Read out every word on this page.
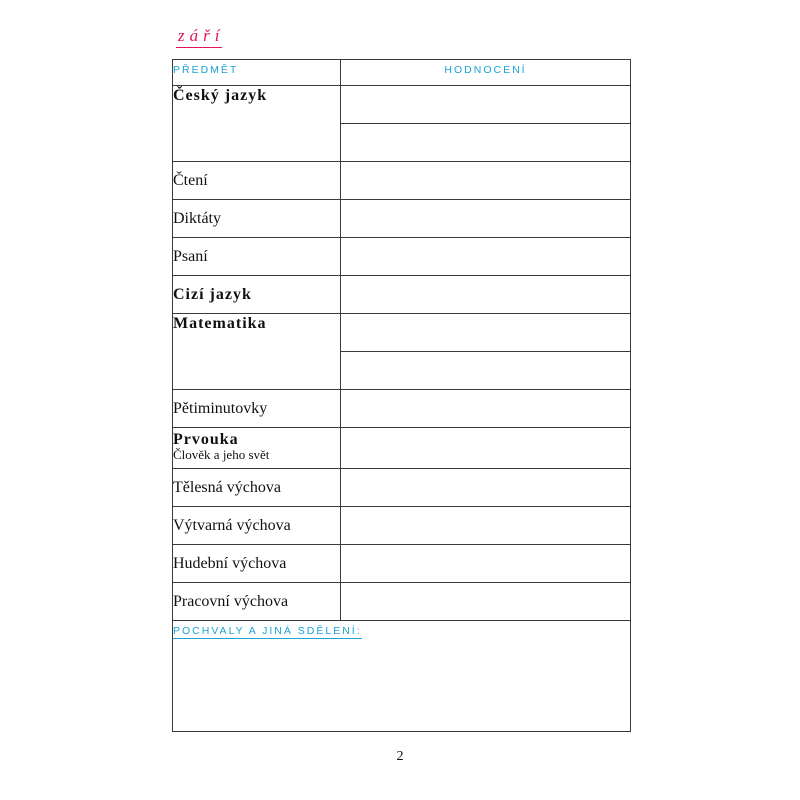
září
PŘEDMĚT	HODNOCENÍ
Český jazyk	

Čtení	
Diktáty	
Psaní	
Cizí jazyk	
Matematika	

Pětiminutovky	

Prvouka
Člověk a jeho svět	

Tělesná výchova	
Výtvarná výchova	
Hudební výchova	
Pracovní výchova	
POCHVALY A JINÁ SDĚLENÍ:	
2
